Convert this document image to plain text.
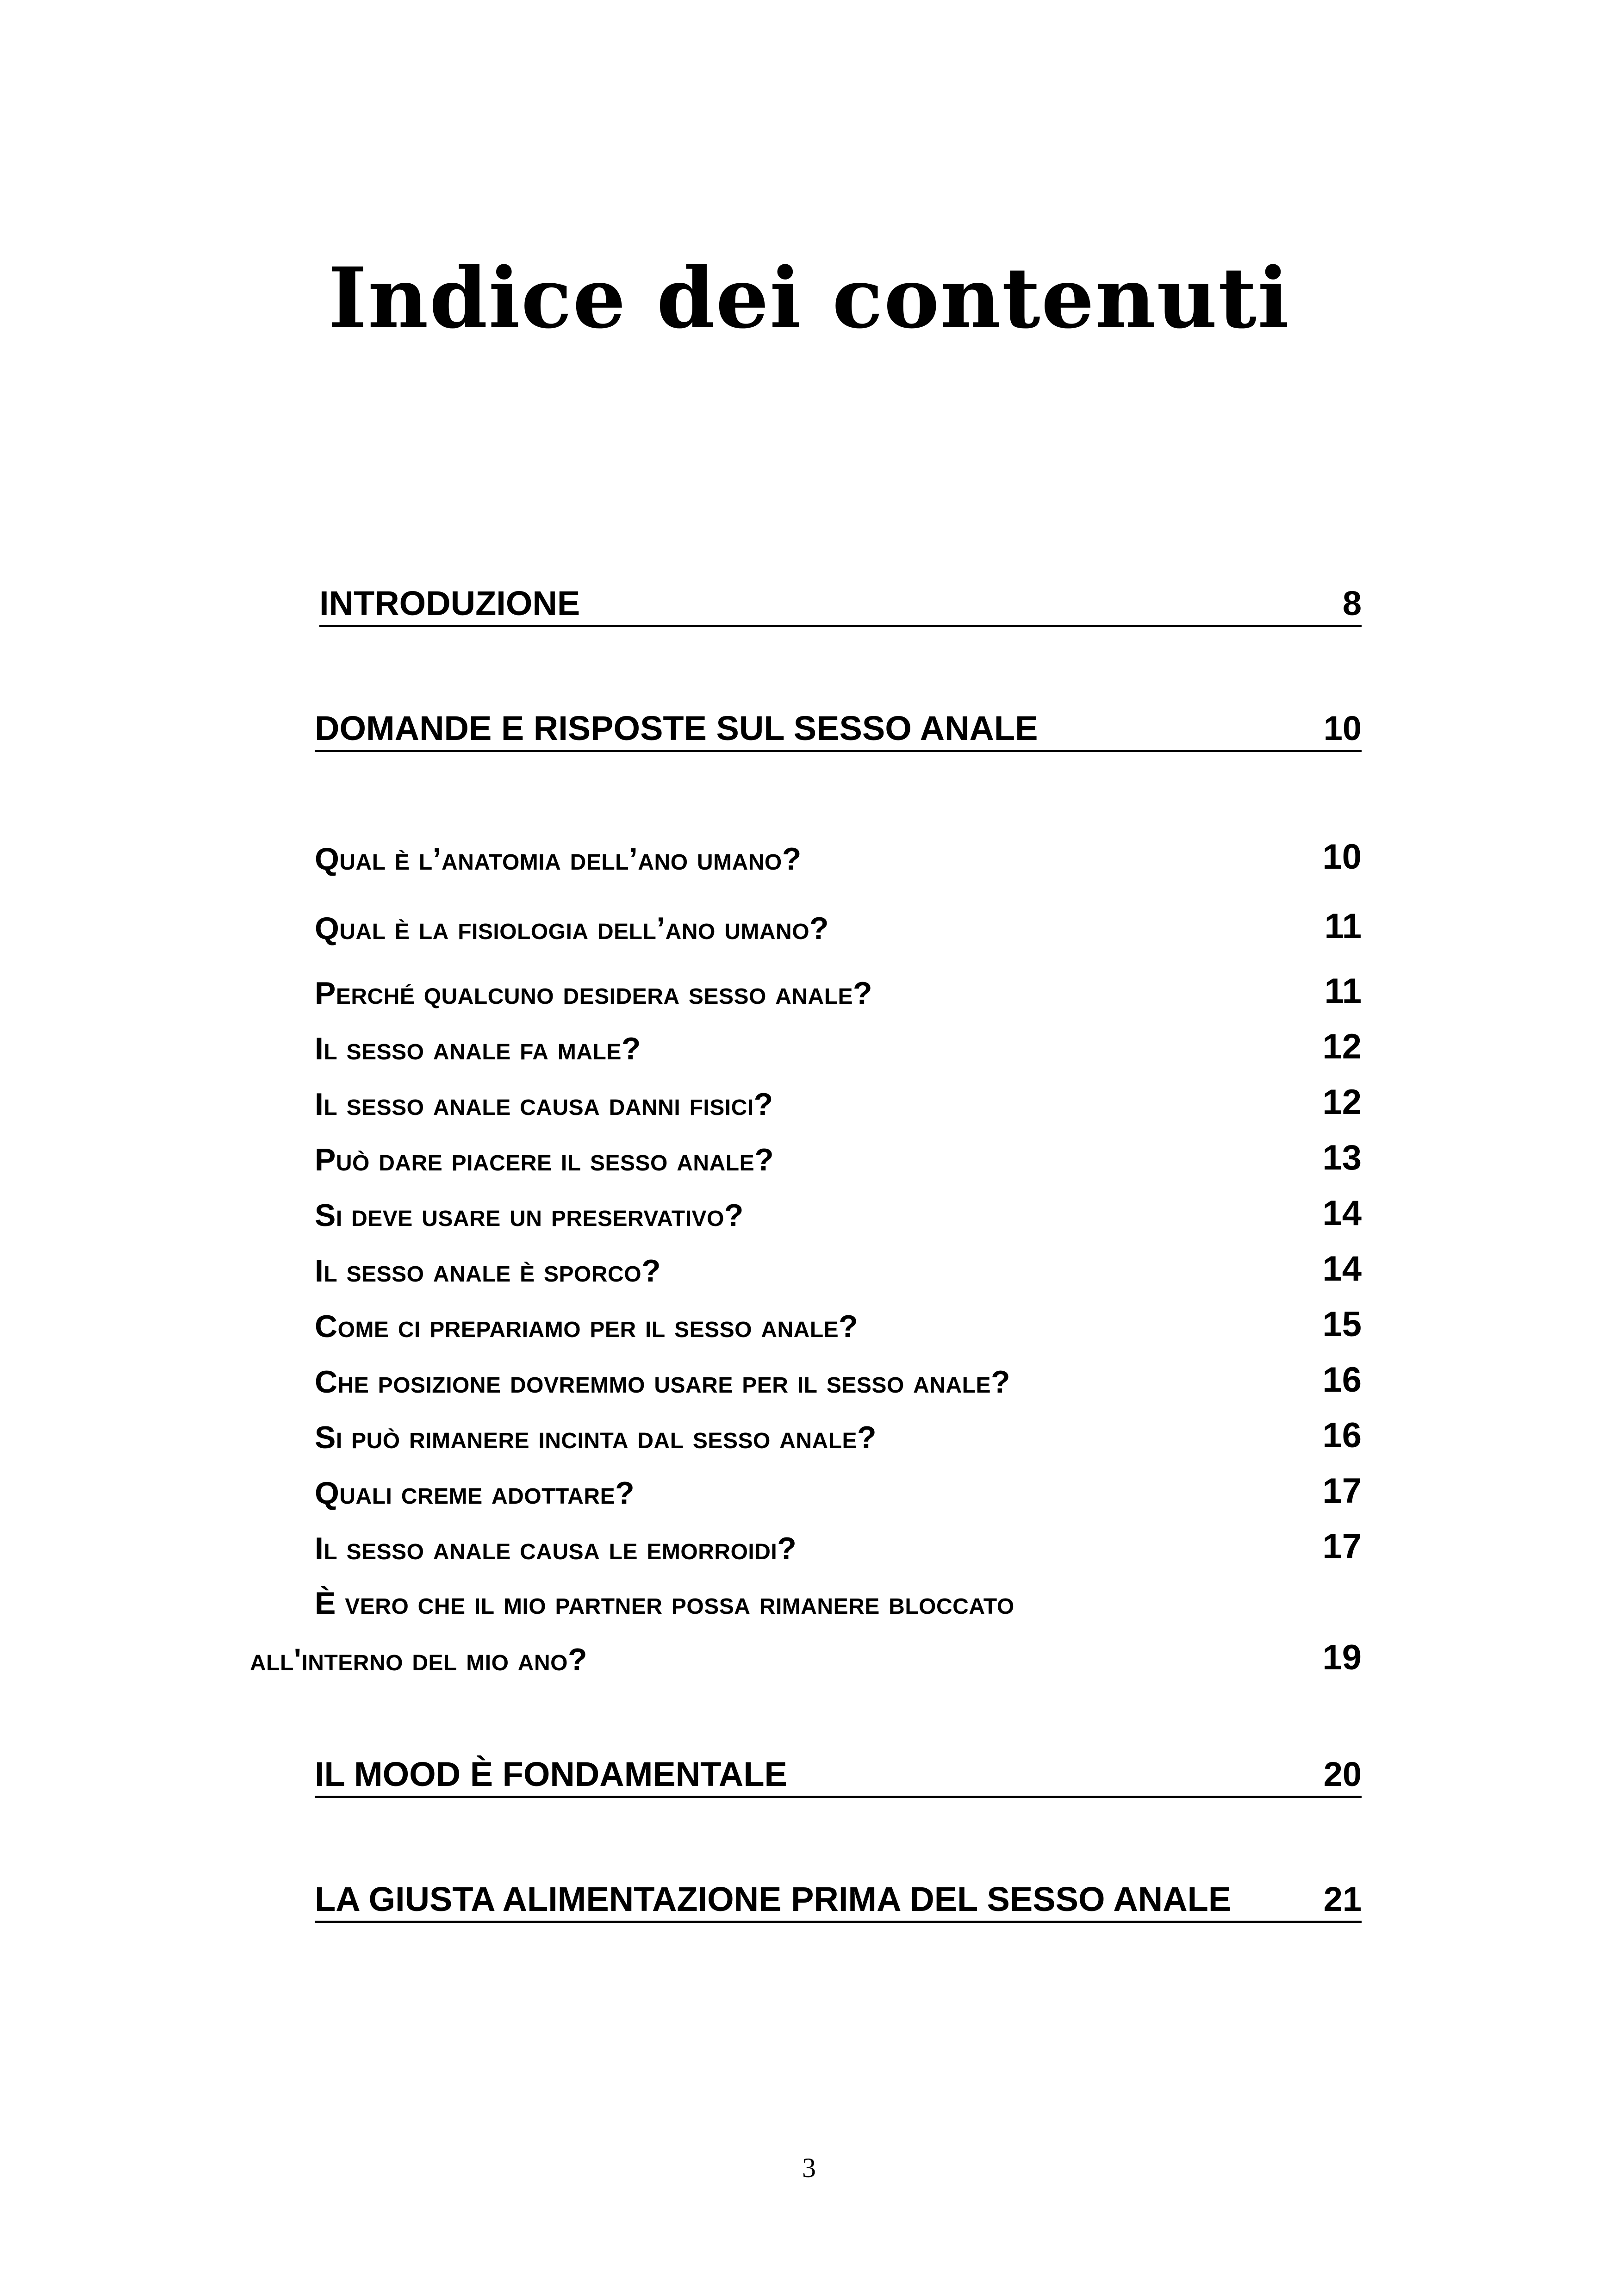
Indice dei contenuti
INTRODUZIONE	8
DOMANDE E RISPOSTE SUL SESSO ANALE	10
Qual è l’anatomia dell’ano umano?	10
Qual è la fisiologia dell’ano umano?	11
Perché qualcuno desidera sesso anale?	11
Il sesso anale fa male?	12
Il sesso anale causa danni fisici?	12
Può dare piacere il sesso anale?	13
Si deve usare un preservativo?	14
Il sesso anale è sporco?	14
Come ci prepariamo per il sesso anale?	15
Che posizione dovremmo usare per il sesso anale?	16
Si può rimanere incinta dal sesso anale?	16
Quali creme adottare?	17
Il sesso anale causa le emorroidi?	17
È vero che il mio partner possa rimanere bloccato
all'interno del mio ano?	19
IL MOOD È FONDAMENTALE	20
LA GIUSTA ALIMENTAZIONE PRIMA DEL SESSO ANALE	21
3
